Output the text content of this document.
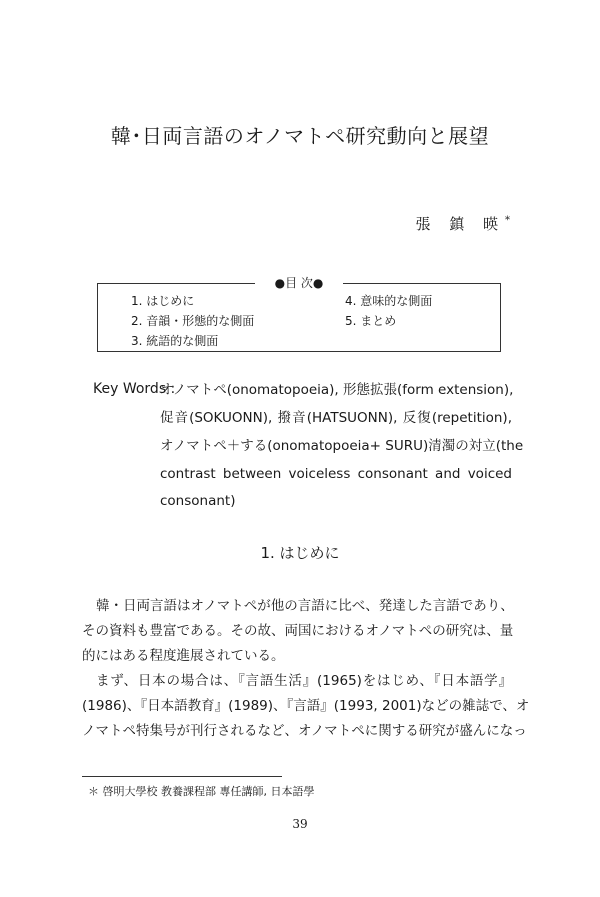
韓･日両言語のオノマトペ研究動向と展望
張 鎮 暎*
●目 次●
1. はじめに
2. 音韻・形態的な側面
3. 統語的な側面
4. 意味的な側面
5. まとめ
Key Words :
オノマトペ(onomatopoeia), 形態拡張(form extension),
促音(SOKUONN), 撥音(HATSUONN), 反復(repetition),
オノマトペ＋する(onomatopoeia+ SURU)清濁の対立(the
contrast between voiceless consonant and voiced
consonant)
1. はじめに
韓・日両言語はオノマトペが他の言語に比べ、発達した言語であり、
その資料も豊富である。その故、両国におけるオノマトペの研究は、量
的にはある程度進展されている。
まず、日本の場合は、『言語生活』(1965)をはじめ、『日本語学』
(1986)、『日本語教育』(1989)、『言語』(1993, 2001)などの雑誌で、オ
ノマトペ特集号が刊行されるなど、オノマトペに関する研究が盛んになっ
＊ 啓明大學校 教養課程部 專任講師, 日本語學
39
